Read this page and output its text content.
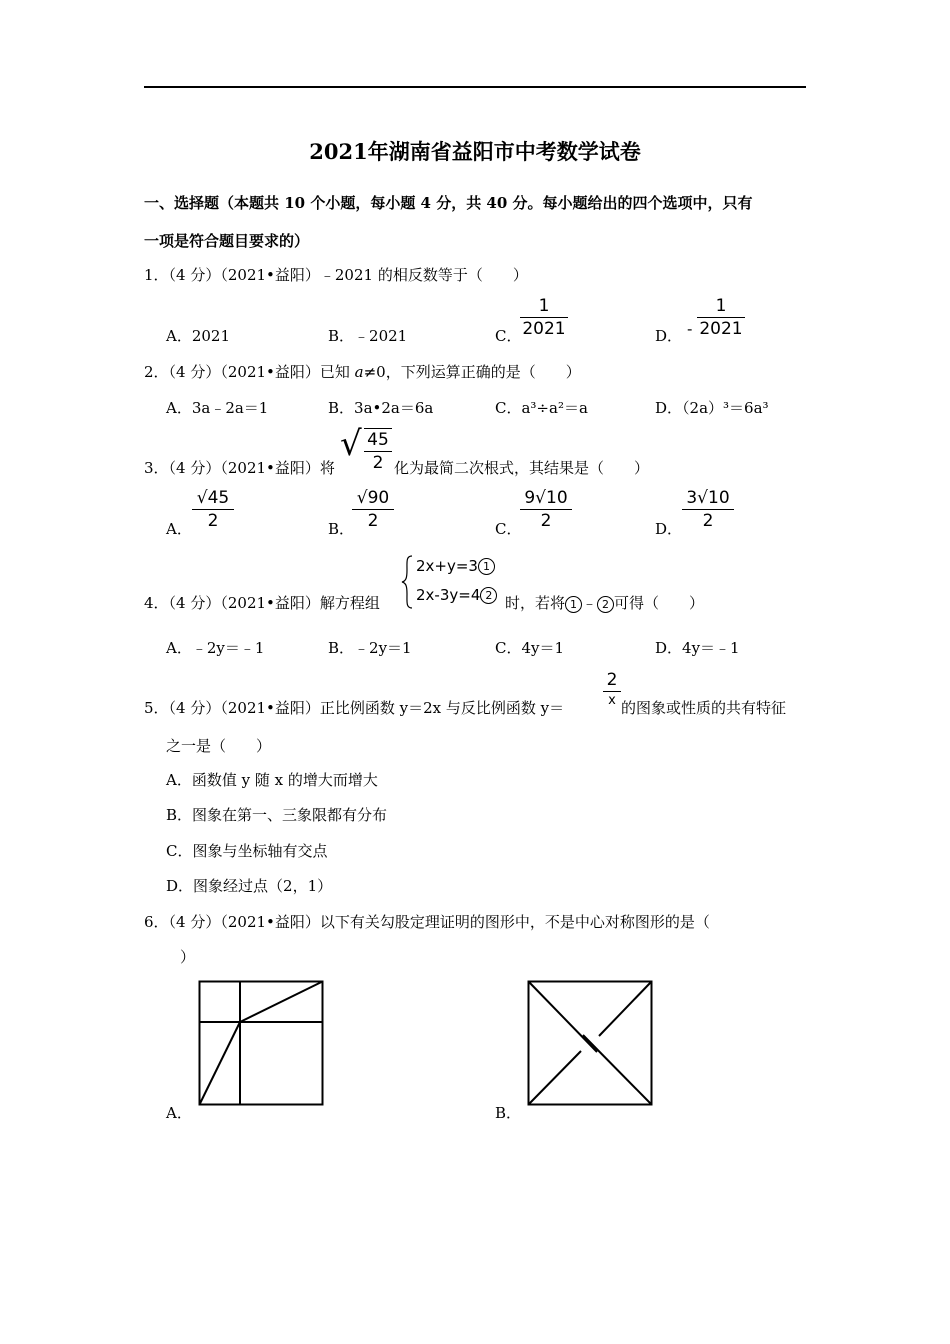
2021年湖南省益阳市中考数学试卷
一、选择题（本题共 10 个小题，每小题 4 分，共 40 分。每小题给出的四个选项中，只有
一项是符合题目要求的）
1．（4 分）（2021•益阳）﹣2021 的相反数等于（　　）
A．2021	B．﹣2021	C．
1
2021	D． -
1
2021
2．（4 分）（2021•益阳）已知 a≠0，下列运算正确的是（　　）
A．3a﹣2a＝1	B．3a•2a＝6a	C．a³÷a²＝a	D．（2a）³＝6a³
3．（4 分）（2021•益阳）将
√ 45
2 化为最简二次根式，其结果是（　　）
A．
√45
2	B．
√90
2	C．
9√10
2	D．
3√10
2
4．（4 分）（2021•益阳）解方程组
2x+y=3 1
2x-3y=4 2 时，若将 1 ﹣ 2 可得（　　）
A．﹣2y＝﹣1	B．﹣2y＝1	C．4y＝1	D．4y＝﹣1
5．（4 分）（2021•益阳）正比例函数 y＝2x 与反比例函数 y＝
2
x 的图象或性质的共有特征
之一是（　　）
A．函数值 y 随 x 的增大而增大
B．图象在第一、三象限都有分布
C．图象与坐标轴有交点
D．图象经过点（2，1）
6．（4 分）（2021•益阳）以下有关勾股定理证明的图形中，不是中心对称图形的是（
）
A．	B．
